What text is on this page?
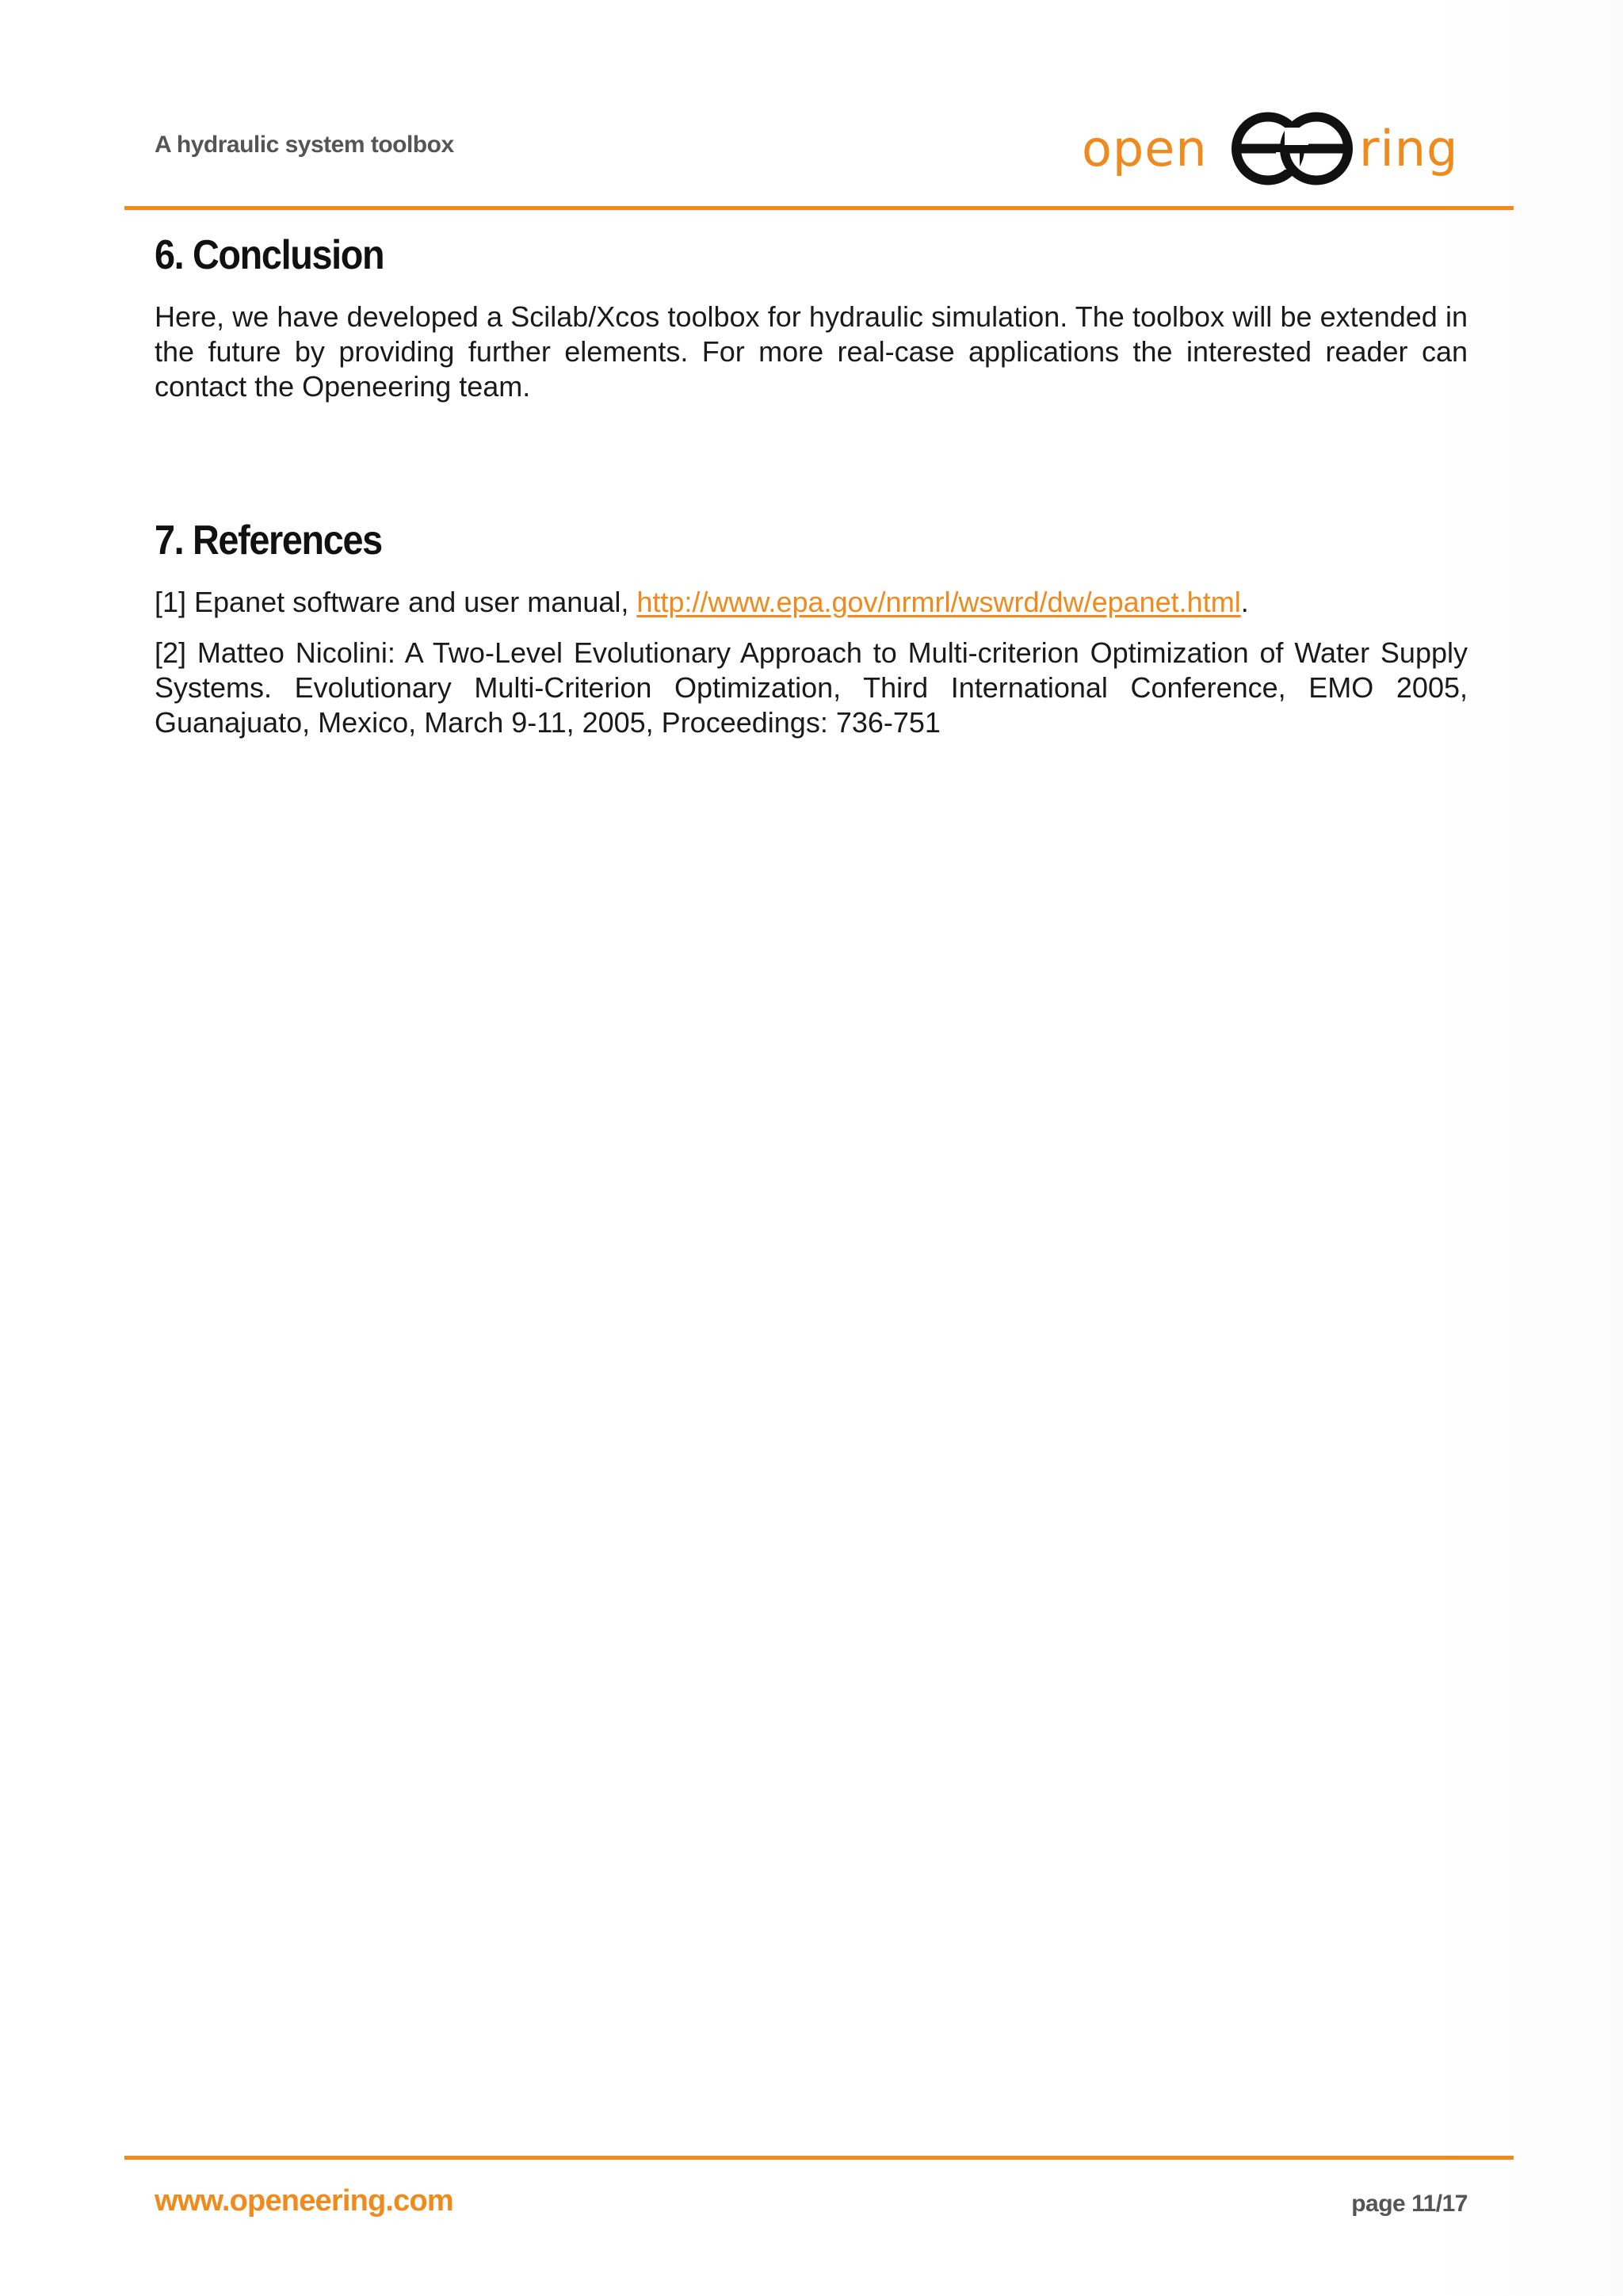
A hydraulic system toolbox	open	ring
6. Conclusion

Here, we have developed a Scilab/Xcos toolbox for hydraulic simulation. The toolbox will be extended in the future by providing further elements. For more real-case applications the interested reader can contact the Openeering team.

7. References

[1] Epanet software and user manual, http://www.epa.gov/nrmrl/wswrd/dw/epanet.html.

[2] Matteo Nicolini: A Two-Level Evolutionary Approach to Multi-criterion Optimization of Water Supply Systems. Evolutionary Multi-Criterion Optimization, Third International Conference, EMO 2005, Guanajuato, Mexico, March 9-11, 2005, Proceedings: 736-751

www.openeering.com	page 11/17
